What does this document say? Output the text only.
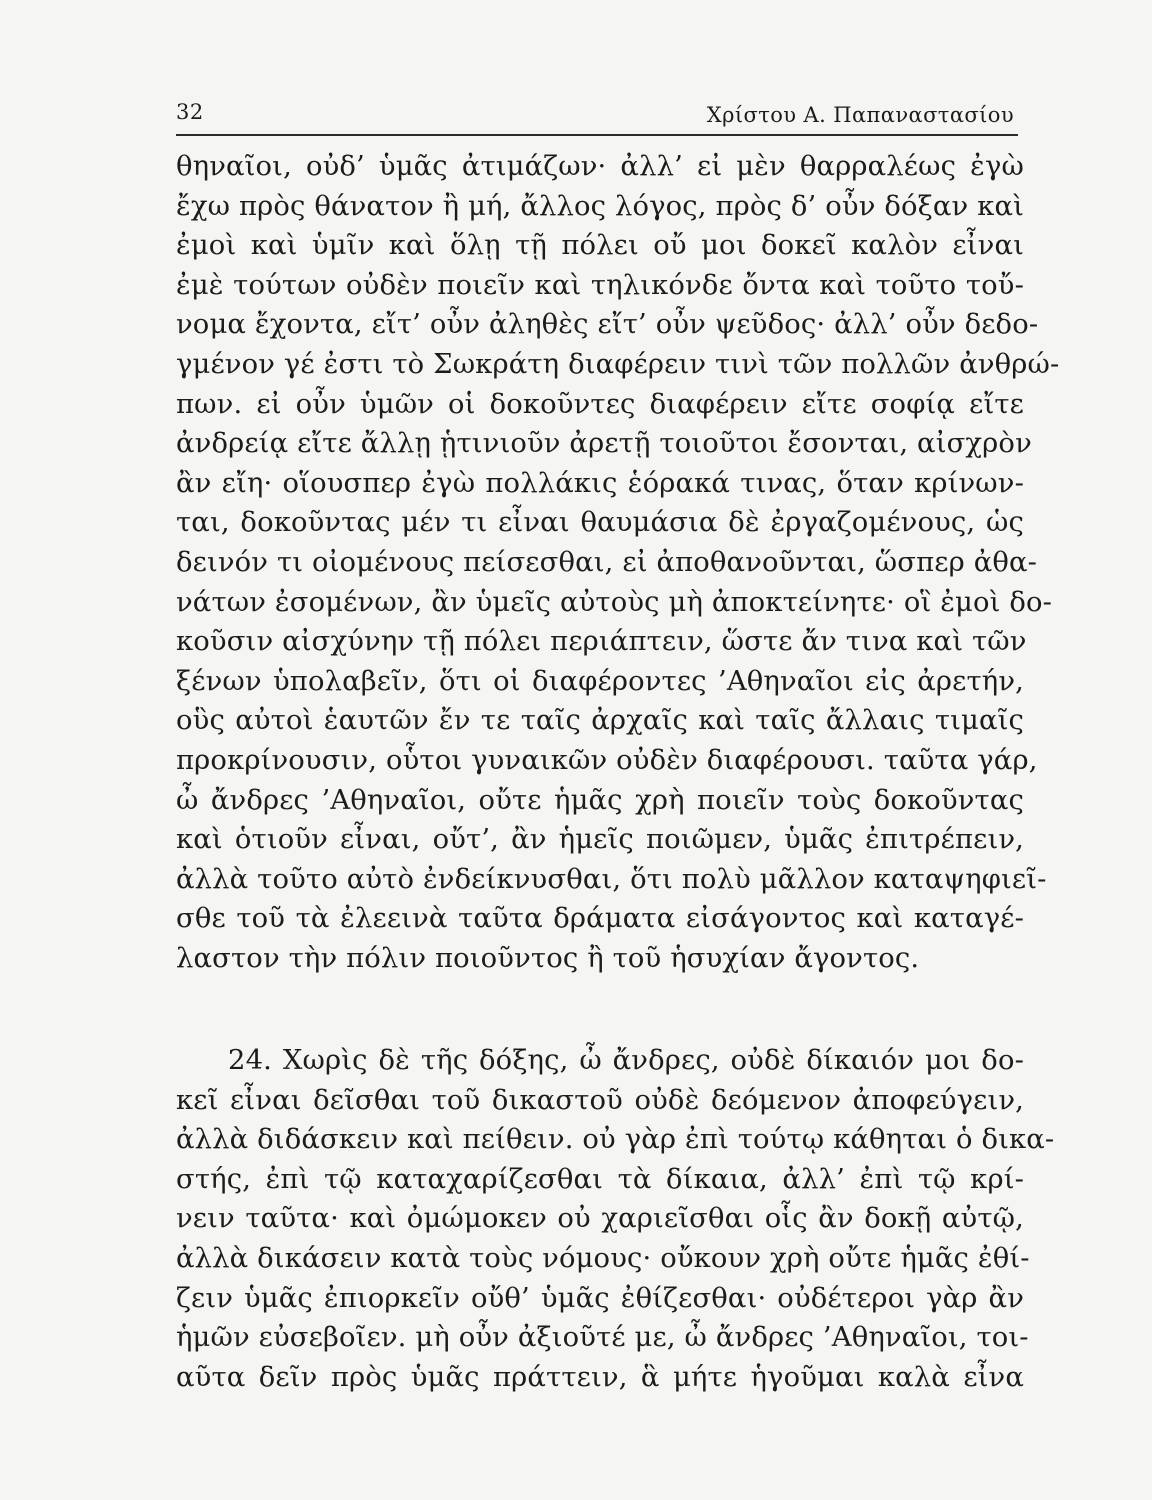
32	Χρίστου Α. Παπαναστασίου
θηναῖοι, οὐδ’ ὑμᾶς ἀτιμάζων· ἀλλ’ εἰ μὲν θαρραλέως ἐγὼ
ἔχω πρὸς θάνατον ἢ μή, ἄλλος λόγος, πρὸς δ’ οὖν δόξαν καὶ
ἐμοὶ καὶ ὑμῖν καὶ ὅλῃ τῇ πόλει οὔ μοι δοκεῖ καλὸν εἶναι
ἐμὲ τούτων οὐδὲν ποιεῖν καὶ τηλικόνδε ὄντα καὶ τοῦτο τοὔ-
νομα ἔχοντα, εἴτ’ οὖν ἀληθὲς εἴτ’ οὖν ψεῦδος· ἀλλ’ οὖν δεδο-
γμένον γέ ἐστι τὸ Σωκράτη διαφέρειν τινὶ τῶν πολλῶν ἀνθρώ-
πων. εἰ οὖν ὑμῶν οἱ δοκοῦντες διαφέρειν εἴτε σοφίᾳ εἴτε
ἀνδρείᾳ εἴτε ἄλλῃ ᾑτινιοῦν ἀρετῇ τοιοῦτοι ἔσονται, αἰσχρὸν
ἂν εἴη· οἵουσπερ ἐγὼ πολλάκις ἑόρακά τινας, ὅταν κρίνων-
ται, δοκοῦντας μέν τι εἶναι θαυμάσια δὲ ἐργαζομένους, ὡς
δεινόν τι οἰομένους πείσεσθαι, εἰ ἀποθανοῦνται, ὥσπερ ἀθα-
νάτων ἐσομένων, ἂν ὑμεῖς αὐτοὺς μὴ ἀποκτείνητε· οἳ ἐμοὶ δο-
κοῦσιν αἰσχύνην τῇ πόλει περιάπτειν, ὥστε ἄν τινα καὶ τῶν
ξένων ὑπολαβεῖν, ὅτι οἱ διαφέροντες ’Αθηναῖοι εἰς ἀρετήν,
οὓς αὐτοὶ ἑαυτῶν ἔν τε ταῖς ἀρχαῖς καὶ ταῖς ἄλλαις τιμαῖς
προκρίνουσιν, οὗτοι γυναικῶν οὐδὲν διαφέρουσι. ταῦτα γάρ,
ὦ ἄνδρες ’Αθηναῖοι, οὔτε ἡμᾶς χρὴ ποιεῖν τοὺς δοκοῦντας
καὶ ὁτιοῦν εἶναι, οὔτ’, ἂν ἡμεῖς ποιῶμεν, ὑμᾶς ἐπιτρέπειν,
ἀλλὰ τοῦτο αὐτὸ ἐνδείκνυσθαι, ὅτι πολὺ μᾶλλον καταψηφιεῖ-
σθε τοῦ τὰ ἐλεεινὰ ταῦτα δράματα εἰσάγοντος καὶ καταγέ-
λαστον τὴν πόλιν ποιοῦντος ἢ τοῦ ἡσυχίαν ἄγοντος.
24. Χωρὶς δὲ τῆς δόξης, ὦ ἄνδρες, οὐδὲ δίκαιόν μοι δο-
κεῖ εἶναι δεῖσθαι τοῦ δικαστοῦ οὐδὲ δεόμενον ἀποφεύγειν,
ἀλλὰ διδάσκειν καὶ πείθειν. οὐ γὰρ ἐπὶ τούτῳ κάθηται ὁ δικα-
στής, ἐπὶ τῷ καταχαρίζεσθαι τὰ δίκαια, ἀλλ’ ἐπὶ τῷ κρί-
νειν ταῦτα· καὶ ὀμώμοκεν οὐ χαριεῖσθαι οἷς ἂν δοκῇ αὐτῷ,
ἀλλὰ δικάσειν κατὰ τοὺς νόμους· οὔκουν χρὴ οὔτε ἡμᾶς ἐθί-
ζειν ὑμᾶς ἐπιορκεῖν οὔθ’ ὑμᾶς ἐθίζεσθαι· οὐδέτεροι γὰρ ἂν
ἡμῶν εὐσεβοῖεν. μὴ οὖν ἀξιοῦτέ με, ὦ ἄνδρες ’Αθηναῖοι, τοι-
αῦτα δεῖν πρὸς ὑμᾶς πράττειν, ἃ μήτε ἡγοῦμαι καλὰ εἶνα
